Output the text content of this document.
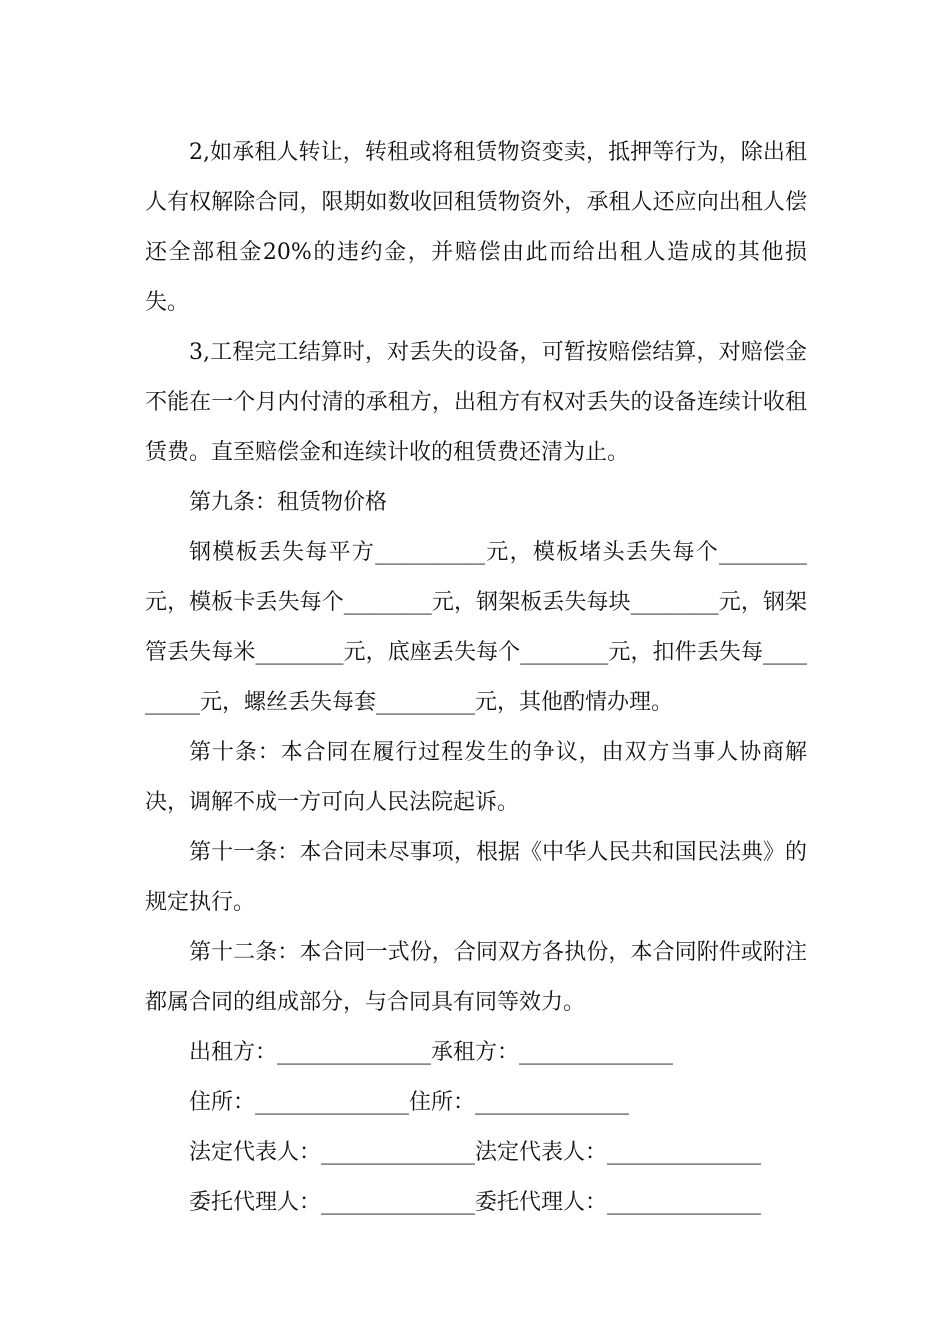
2,如承租人转让，转租或将租赁物资变卖，抵押等行为，除出租人有权解除合同，限期如数收回租赁物资外，承租人还应向出租人偿还全部租金20%的违约金，并赔偿由此而给出租人造成的其他损失。

3,工程完工结算时，对丢失的设备，可暂按赔偿结算，对赔偿金不能在一个月内付清的承租方，出租方有权对丢失的设备连续计收租赁费。直至赔偿金和连续计收的租赁费还清为止。

第九条：租赁物价格

钢模板丢失每平方__________元，模板堵头丢失每个________元，模板卡丢失每个________元，钢架板丢失每块________元，钢架管丢失每米________元，底座丢失每个________元，扣件丢失每_________元，螺丝丢失每套_________元，其他酌情办理。

第十条：本合同在履行过程发生的争议，由双方当事人协商解决，调解不成一方可向人民法院起诉。

第十一条：本合同未尽事项，根据《中华人民共和国民法典》的规定执行。

第十二条：本合同一式份，合同双方各执份，本合同附件或附注都属合同的组成部分，与合同具有同等效力。

出租方：______________承租方：______________

住所：______________住所：______________

法定代表人：______________法定代表人：______________

委托代理人：______________委托代理人：______________
